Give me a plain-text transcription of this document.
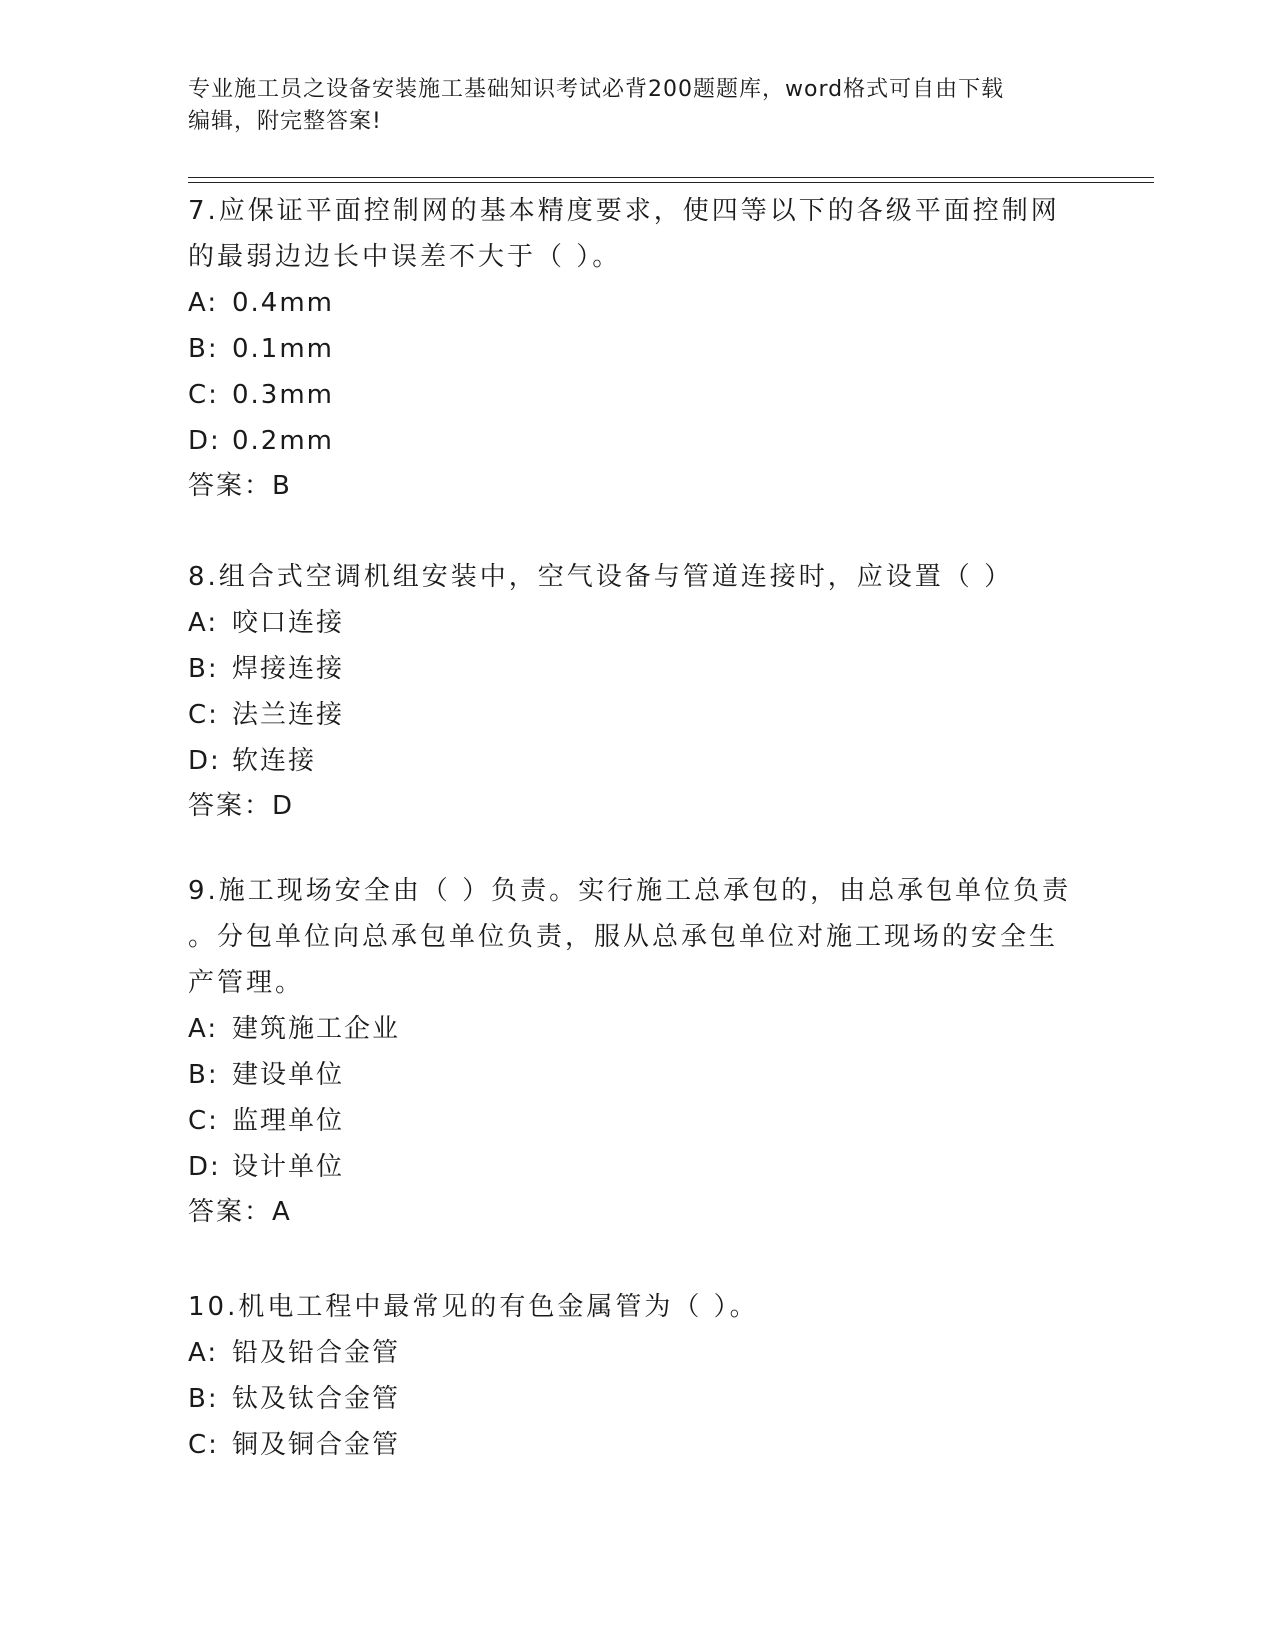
专业施工员之设备安装施工基础知识考试必背200题题库，word格式可自由下载
编辑，附完整答案!

7.应保证平面控制网的基本精度要求，使四等以下的各级平面控制网

的最弱边边长中误差不大于（ ）。

A: 0.4mm

B: 0.1mm

C: 0.3mm

D: 0.2mm

答案：B

8.组合式空调机组安装中，空气设备与管道连接时，应设置（ ）

A: 咬口连接

B: 焊接连接

C: 法兰连接

D: 软连接

答案：D

9.施工现场安全由（ ）负责。实行施工总承包的，由总承包单位负责

。分包单位向总承包单位负责，服从总承包单位对施工现场的安全生

产管理。

A: 建筑施工企业

B: 建设单位

C: 监理单位

D: 设计单位

答案：A

10.机电工程中最常见的有色金属管为（ ）。

A: 铅及铅合金管

B: 钛及钛合金管

C: 铜及铜合金管
